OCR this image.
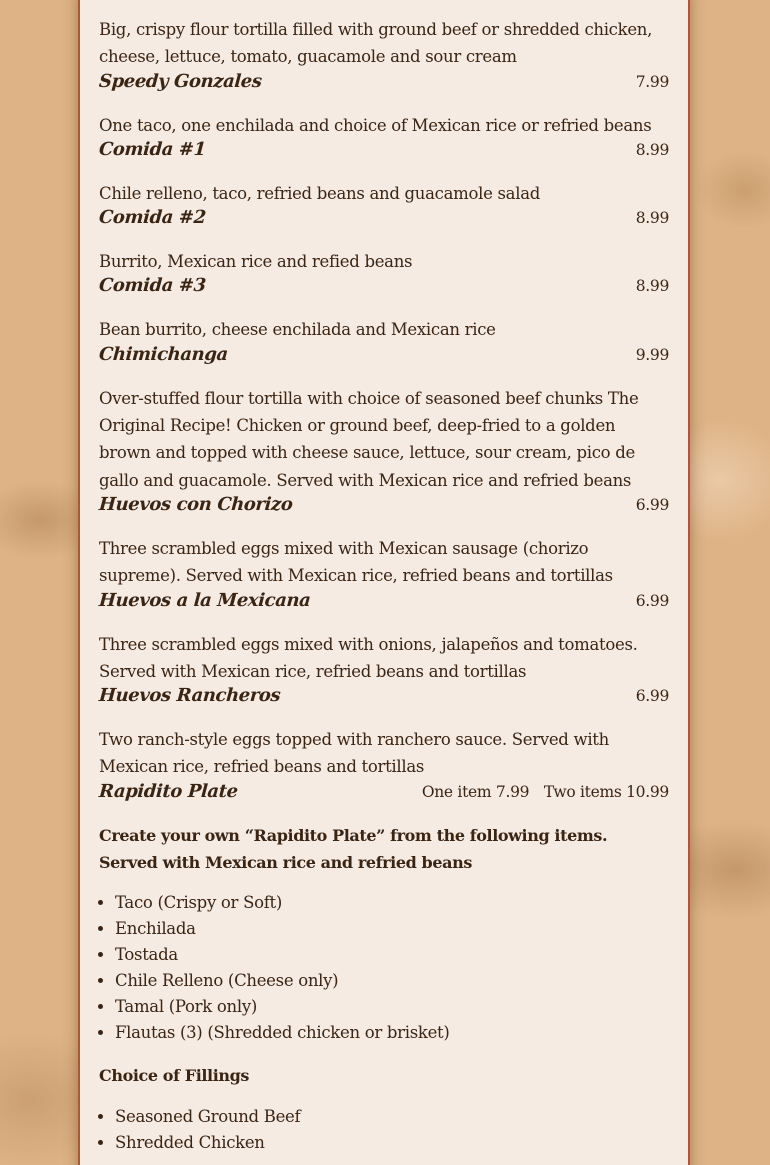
Big, crispy flour tortilla filled with ground beef or shredded chicken, cheese, lettuce, tomato, guacamole and sour cream

Speedy Gonzales	7.99

One taco, one enchilada and choice of Mexican rice or refried beans

Comida #1	8.99

Chile relleno, taco, refried beans and guacamole salad

Comida #2	8.99

Burrito, Mexican rice and refied beans

Comida #3	8.99

Bean burrito, cheese enchilada and Mexican rice

Chimichanga	9.99

Over-stuffed flour tortilla with choice of seasoned beef chunks The Original Recipe! Chicken or ground beef, deep-fried to a golden brown and topped with cheese sauce, lettuce, sour cream, pico de gallo and guacamole. Served with Mexican rice and refried beans

Huevos con Chorizo	6.99

Three scrambled eggs mixed with Mexican sausage (chorizo supreme). Served with Mexican rice, refried beans and tortillas

Huevos a la Mexicana	6.99

Three scrambled eggs mixed with onions, jalapeños and tomatoes. Served with Mexican rice, refried beans and tortillas

Huevos Rancheros	6.99

Two ranch-style eggs topped with ranchero sauce. Served with Mexican rice, refried beans and tortillas

Rapidito Plate	One item 7.99 Two items 10.99

Create your own “Rapidito Plate” from the following items. Served with Mexican rice and refried beans

• Taco (Crispy or Soft)
• Enchilada
• Tostada
• Chile Relleno (Cheese only)
• Tamal (Pork only)
• Flautas (3) (Shredded chicken or brisket)

Choice of Fillings

• Seasoned Ground Beef
• Shredded Chicken
